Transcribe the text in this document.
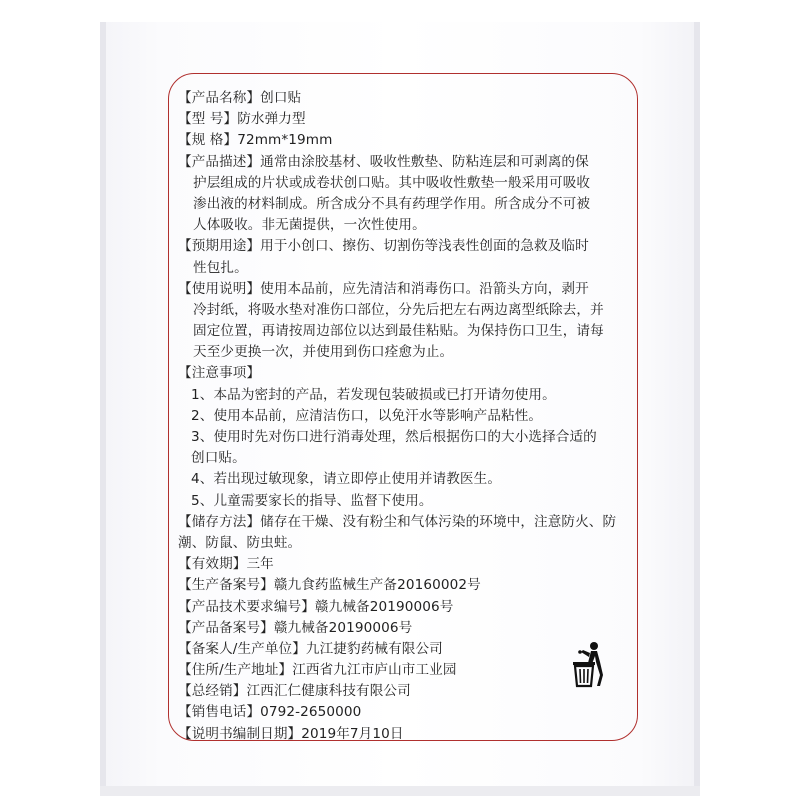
【产品名称】创口贴
【型 号】防水弹力型
【规 格】72mm*19mm
【产品描述】通常由涂胶基材、吸收性敷垫、防粘连层和可剥离的保
护层组成的片状或成卷状创口贴。其中吸收性敷垫一般采用可吸收
渗出液的材料制成。所含成分不具有药理学作用。所含成分不可被
人体吸收。非无菌提供，一次性使用。
【预期用途】用于小创口、擦伤、切割伤等浅表性创面的急救及临时
性包扎。
【使用说明】使用本品前，应先清洁和消毒伤口。沿箭头方向，剥开
冷封纸，将吸水垫对准伤口部位，分先后把左右两边离型纸除去，并
固定位置，再请按周边部位以达到最佳粘贴。为保持伤口卫生，请每
天至少更换一次，并使用到伤口痊愈为止。
【注意事项】
1、本品为密封的产品，若发现包装破损或已打开请勿使用。
2、使用本品前，应清洁伤口，以免汗水等影响产品粘性。
3、使用时先对伤口进行消毒处理，然后根据伤口的大小选择合适的
创口贴。
4、若出现过敏现象，请立即停止使用并请教医生。
5、儿童需要家长的指导、监督下使用。
【储存方法】储存在干燥、没有粉尘和气体污染的环境中，注意防火、防
潮、防鼠、防虫蛀。
【有效期】三年
【生产备案号】赣九食药监械生产备20160002号
【产品技术要求编号】赣九械备20190006号
【产品备案号】赣九械备20190006号
【备案人/生产单位】九江捷豹药械有限公司
【住所/生产地址】江西省九江市庐山市工业园
【总经销】江西汇仁健康科技有限公司
【销售电话】0792-2650000
【说明书编制日期】2019年7月10日
